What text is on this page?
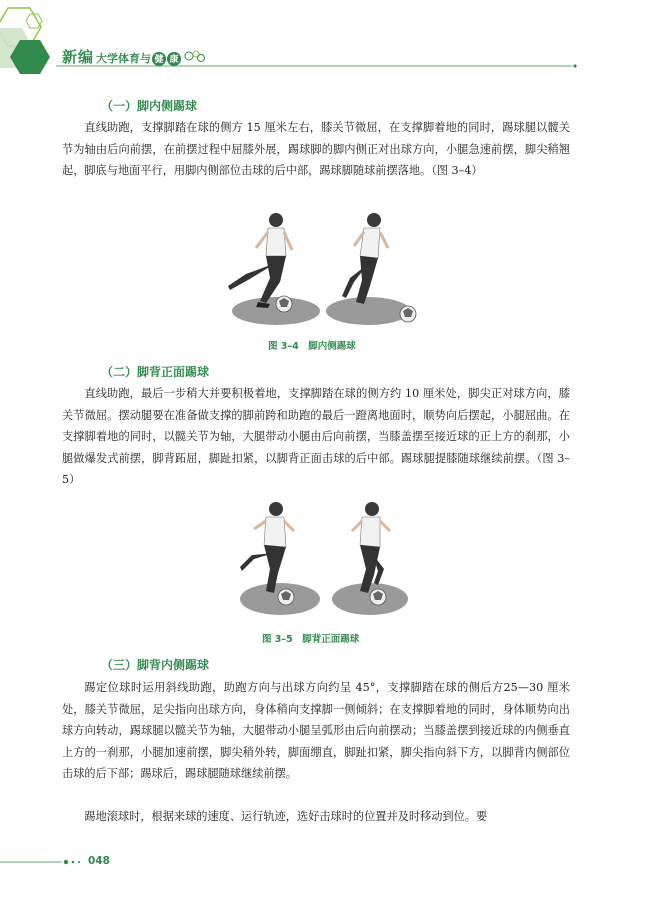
新编 大学体育与 健 康
（一）脚内侧踢球
直线助跑，支撑脚踏在球的侧方 15 厘米左右，膝关节微屈，在支撑脚着地的同时，踢球腿以髋关节为轴由后向前摆，在前摆过程中屈膝外展，踢球脚的脚内侧正对出球方向，小腿急速前摆，脚尖稍翘起，脚底与地面平行，用脚内侧部位击球的后中部，踢球脚随球前摆落地。（图 3–4）
图 3–4　脚内侧踢球
（二）脚背正面踢球
直线助跑，最后一步稍大并要积极着地，支撑脚踏在球的侧方约 10 厘米处，脚尖正对球方向，膝关节微屈。摆动腿要在准备做支撑的脚前跨和助跑的最后一蹬离地面时，顺势向后摆起，小腿屈曲。在支撑脚着地的同时，以髋关节为轴，大腿带动小腿由后向前摆，当膝盖摆至接近球的正上方的刹那，小腿做爆发式前摆，脚背跖屈，脚趾扣紧，以脚背正面击球的后中部。踢球腿提膝随球继续前摆。（图 3–5）
图 3–5　脚背正面踢球
（三）脚背内侧踢球
踢定位球时运用斜线助跑，助跑方向与出球方向约呈 45°，支撑脚踏在球的侧后方25—30 厘米处，膝关节微屈，足尖指向出球方向，身体稍向支撑脚一侧倾斜；在支撑脚着地的同时，身体顺势向出球方向转动，踢球腿以髋关节为轴，大腿带动小腿呈弧形由后向前摆动；当膝盖摆到接近球的内侧垂直上方的一刹那，小腿加速前摆，脚尖稍外转，脚面绷直，脚趾扣紧，脚尖指向斜下方，以脚背内侧部位击球的后下部；踢球后，踢球腿随球继续前摆。
踢地滚球时，根据来球的速度、运行轨迹，选好击球时的位置并及时移动到位。要
048
